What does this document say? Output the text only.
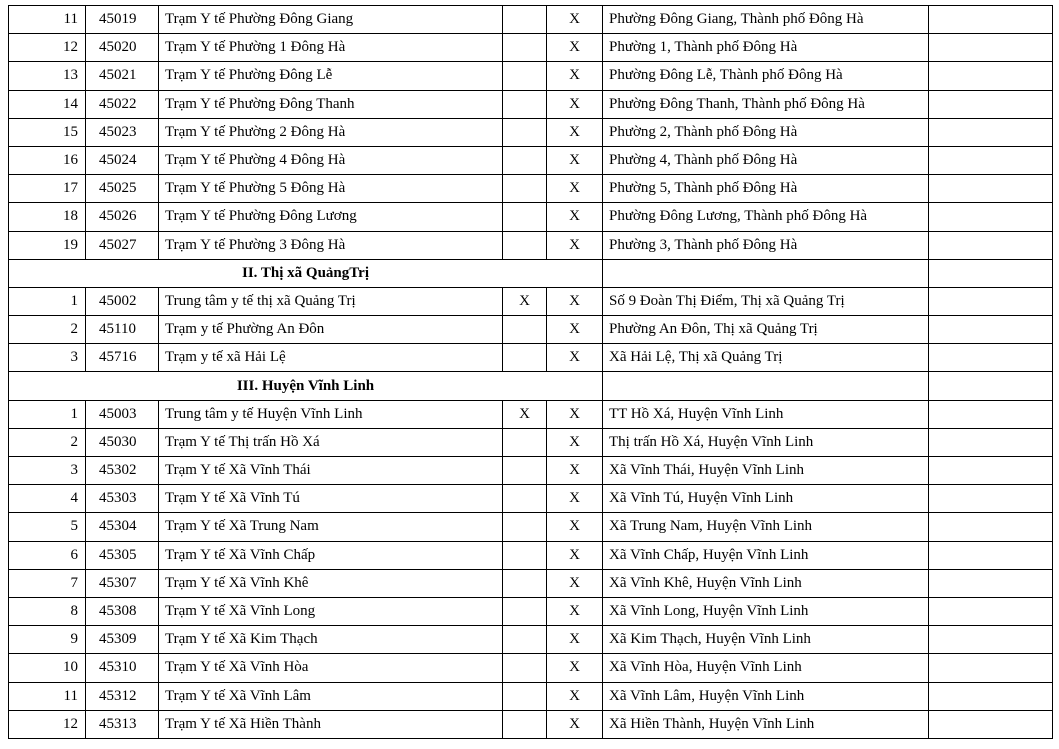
11	45019	Trạm Y tế Phường Đông Giang		X	Phường Đông Giang, Thành phố Đông Hà	
12	45020	Trạm Y tế Phường 1 Đông Hà		X	Phường 1, Thành phố Đông Hà	
13	45021	Trạm Y tế Phường Đông Lễ		X	Phường Đông Lễ, Thành phố Đông Hà	
14	45022	Trạm Y tế Phường Đông Thanh		X	Phường Đông Thanh, Thành phố Đông Hà	
15	45023	Trạm Y tế Phường 2 Đông Hà		X	Phường 2, Thành phố Đông Hà	
16	45024	Trạm Y tế Phường 4 Đông Hà		X	Phường 4, Thành phố Đông Hà	
17	45025	Trạm Y tế Phường 5 Đông Hà		X	Phường 5, Thành phố Đông Hà	
18	45026	Trạm Y tế Phường Đông Lương		X	Phường Đông Lương, Thành phố Đông Hà	
19	45027	Trạm Y tế Phường 3 Đông Hà		X	Phường 3, Thành phố Đông Hà	
II. Thị xã QuảngTrị						
1	45002	Trung tâm y tế thị xã Quảng Trị	X	X	Số 9 Đoàn Thị Điểm, Thị xã Quảng Trị	
2	45110	Trạm y tế Phường An Đôn		X	Phường An Đôn, Thị xã Quảng Trị	
3	45716	Trạm y tế xã Hải Lệ		X	Xã Hải Lệ, Thị xã Quảng Trị	
III. Huyện Vĩnh Linh						
1	45003	Trung tâm y tế Huyện Vĩnh Linh	X	X	TT Hồ Xá, Huyện Vĩnh Linh	
2	45030	Trạm Y tế Thị trấn Hồ Xá		X	Thị trấn Hồ Xá, Huyện Vĩnh Linh	
3	45302	Trạm Y tế Xã Vĩnh Thái		X	Xã Vĩnh Thái, Huyện Vĩnh Linh	
4	45303	Trạm Y tế Xã Vĩnh Tú		X	Xã Vĩnh Tú, Huyện Vĩnh Linh	
5	45304	Trạm Y tế Xã Trung Nam		X	Xã Trung Nam, Huyện Vĩnh Linh	
6	45305	Trạm Y tế Xã Vĩnh Chấp		X	Xã Vĩnh Chấp, Huyện Vĩnh Linh	
7	45307	Trạm Y tế Xã Vĩnh Khê		X	Xã Vĩnh Khê, Huyện Vĩnh Linh	
8	45308	Trạm Y tế Xã Vĩnh Long		X	Xã Vĩnh Long, Huyện Vĩnh Linh	
9	45309	Trạm Y tế Xã Kim Thạch		X	Xã Kim Thạch, Huyện Vĩnh Linh	
10	45310	Trạm Y tế Xã Vĩnh Hòa		X	Xã Vĩnh Hòa, Huyện Vĩnh Linh	
11	45312	Trạm Y tế Xã Vĩnh Lâm		X	Xã Vĩnh Lâm, Huyện Vĩnh Linh	
12	45313	Trạm Y tế Xã Hiền Thành		X	Xã Hiền Thành, Huyện Vĩnh Linh	
